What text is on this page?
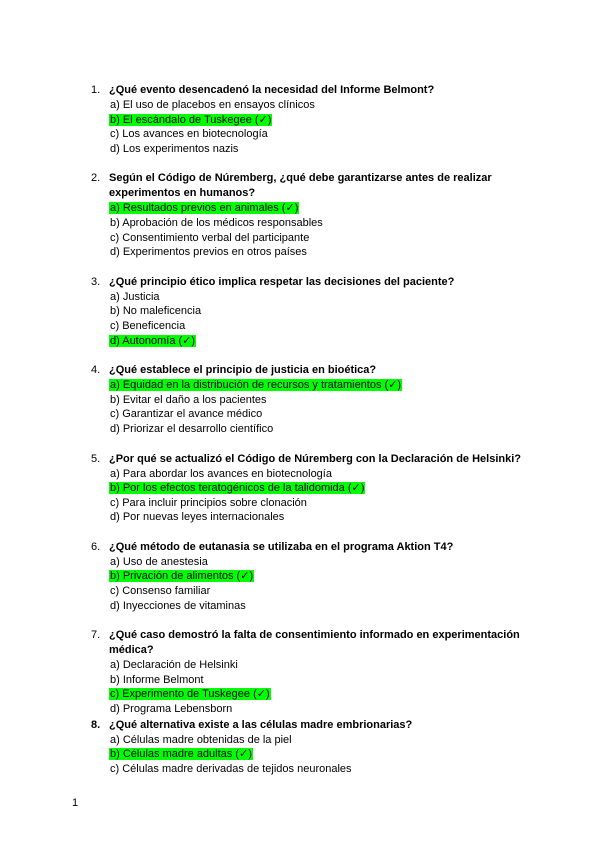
1. ¿Qué evento desencadenó la necesidad del Informe Belmont?
a) El uso de placebos en ensayos clínicos
b) El escándalo de Tuskegee (✓)
c) Los avances en biotecnología
d) Los experimentos nazis
2. Según el Código de Núremberg, ¿qué debe garantizarse antes de realizar experimentos en humanos?
a) Resultados previos en animales (✓)
b) Aprobación de los médicos responsables
c) Consentimiento verbal del participante
d) Experimentos previos en otros países
3. ¿Qué principio ético implica respetar las decisiones del paciente?
a) Justicia
b) No maleficencia
c) Beneficencia
d) Autonomía (✓)
4. ¿Qué establece el principio de justicia en bioética?
a) Equidad en la distribución de recursos y tratamientos (✓)
b) Evitar el daño a los pacientes
c) Garantizar el avance médico
d) Priorizar el desarrollo científico
5. ¿Por qué se actualizó el Código de Núremberg con la Declaración de Helsinki?
a) Para abordar los avances en biotecnología
b) Por los efectos teratogénicos de la talidomida (✓)
c) Para incluir principios sobre clonación
d) Por nuevas leyes internacionales
6. ¿Qué método de eutanasia se utilizaba en el programa Aktion T4?
a) Uso de anestesia
b) Privación de alimentos (✓)
c) Consenso familiar
d) Inyecciones de vitaminas
7. ¿Qué caso demostró la falta de consentimiento informado en experimentación médica?
a) Declaración de Helsinki
b) Informe Belmont
c) Experimento de Tuskegee (✓)
d) Programa Lebensborn
8. ¿Qué alternativa existe a las células madre embrionarias?
a) Células madre obtenidas de la piel
b) Células madre adultas (✓)
c) Células madre derivadas de tejidos neuronales
1
